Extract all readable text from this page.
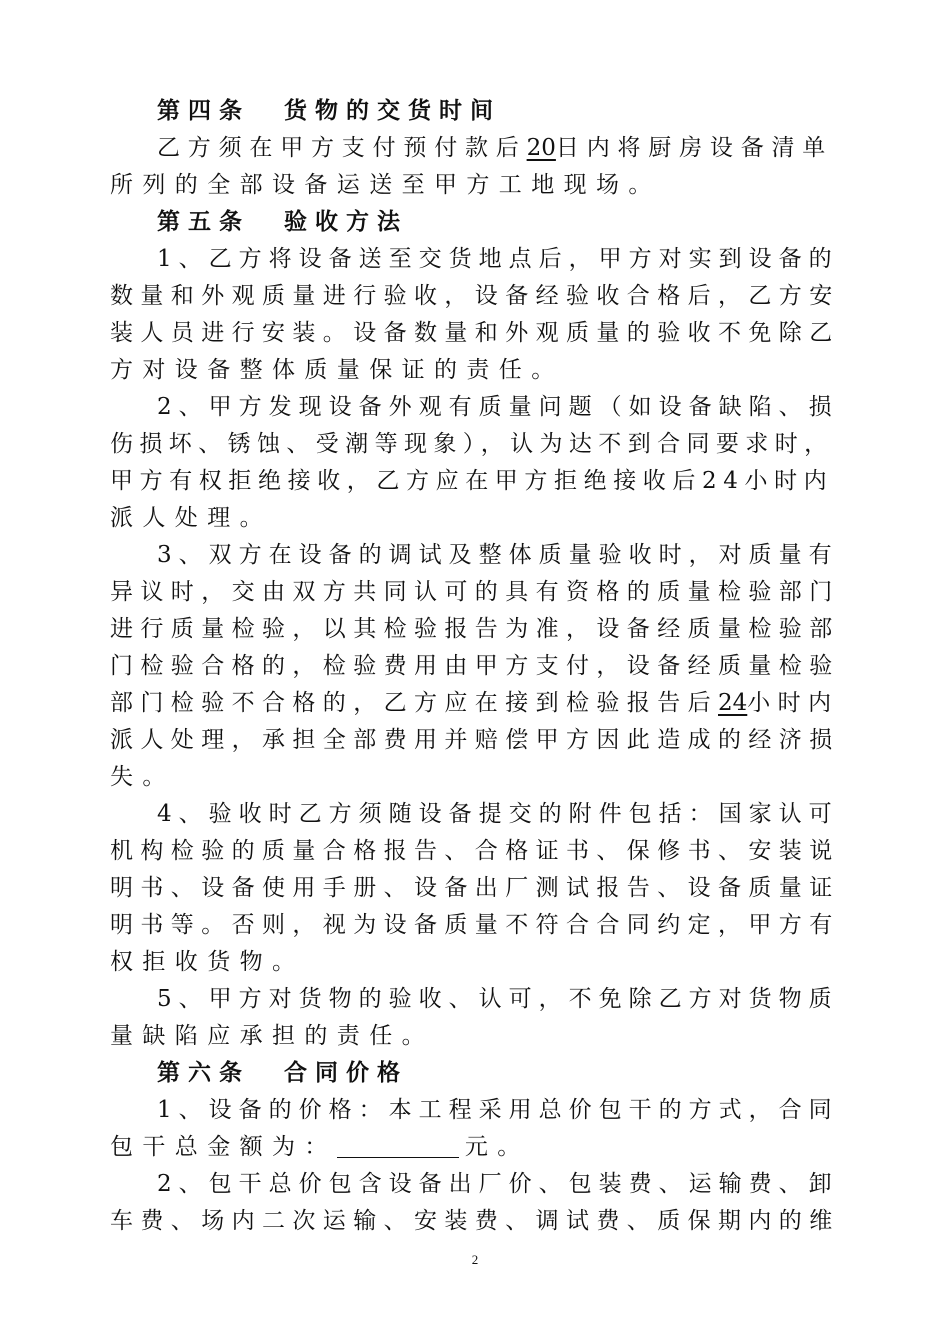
第四条 货物的交货时间
乙方须在甲方支付预付款后20日内将厨房设备清单
所列的全部设备运送至甲方工地现场。
第五条 验收方法
1、乙方将设备送至交货地点后，甲方对实到设备的
数量和外观质量进行验收，设备经验收合格后，乙方安
装人员进行安装。设备数量和外观质量的验收不免除乙
方对设备整体质量保证的责任。
2、甲方发现设备外观有质量问题（如设备缺陷、损
伤损坏、锈蚀、受潮等现象），认为达不到合同要求时，
甲方有权拒绝接收，乙方应在甲方拒绝接收后24小时内
派人处理。
3、双方在设备的调试及整体质量验收时，对质量有
异议时，交由双方共同认可的具有资格的质量检验部门
进行质量检验，以其检验报告为准，设备经质量检验部
门检验合格的，检验费用由甲方支付，设备经质量检验
部门检验不合格的，乙方应在接到检验报告后24小时内
派人处理，承担全部费用并赔偿甲方因此造成的经济损
失。
4、验收时乙方须随设备提交的附件包括：国家认可
机构检验的质量合格报告、合格证书、保修书、安装说
明书、设备使用手册、设备出厂测试报告、设备质量证
明书等。否则，视为设备质量不符合合同约定，甲方有
权拒收货物。
5、甲方对货物的验收、认可，不免除乙方对货物质
量缺陷应承担的责任。
第六条 合同价格
1、设备的价格：本工程采用总价包干的方式，合同
包干总金额为：	元。
2、包干总价包含设备出厂价、包装费、运输费、卸
车费、场内二次运输、安装费、调试费、质保期内的维
2
